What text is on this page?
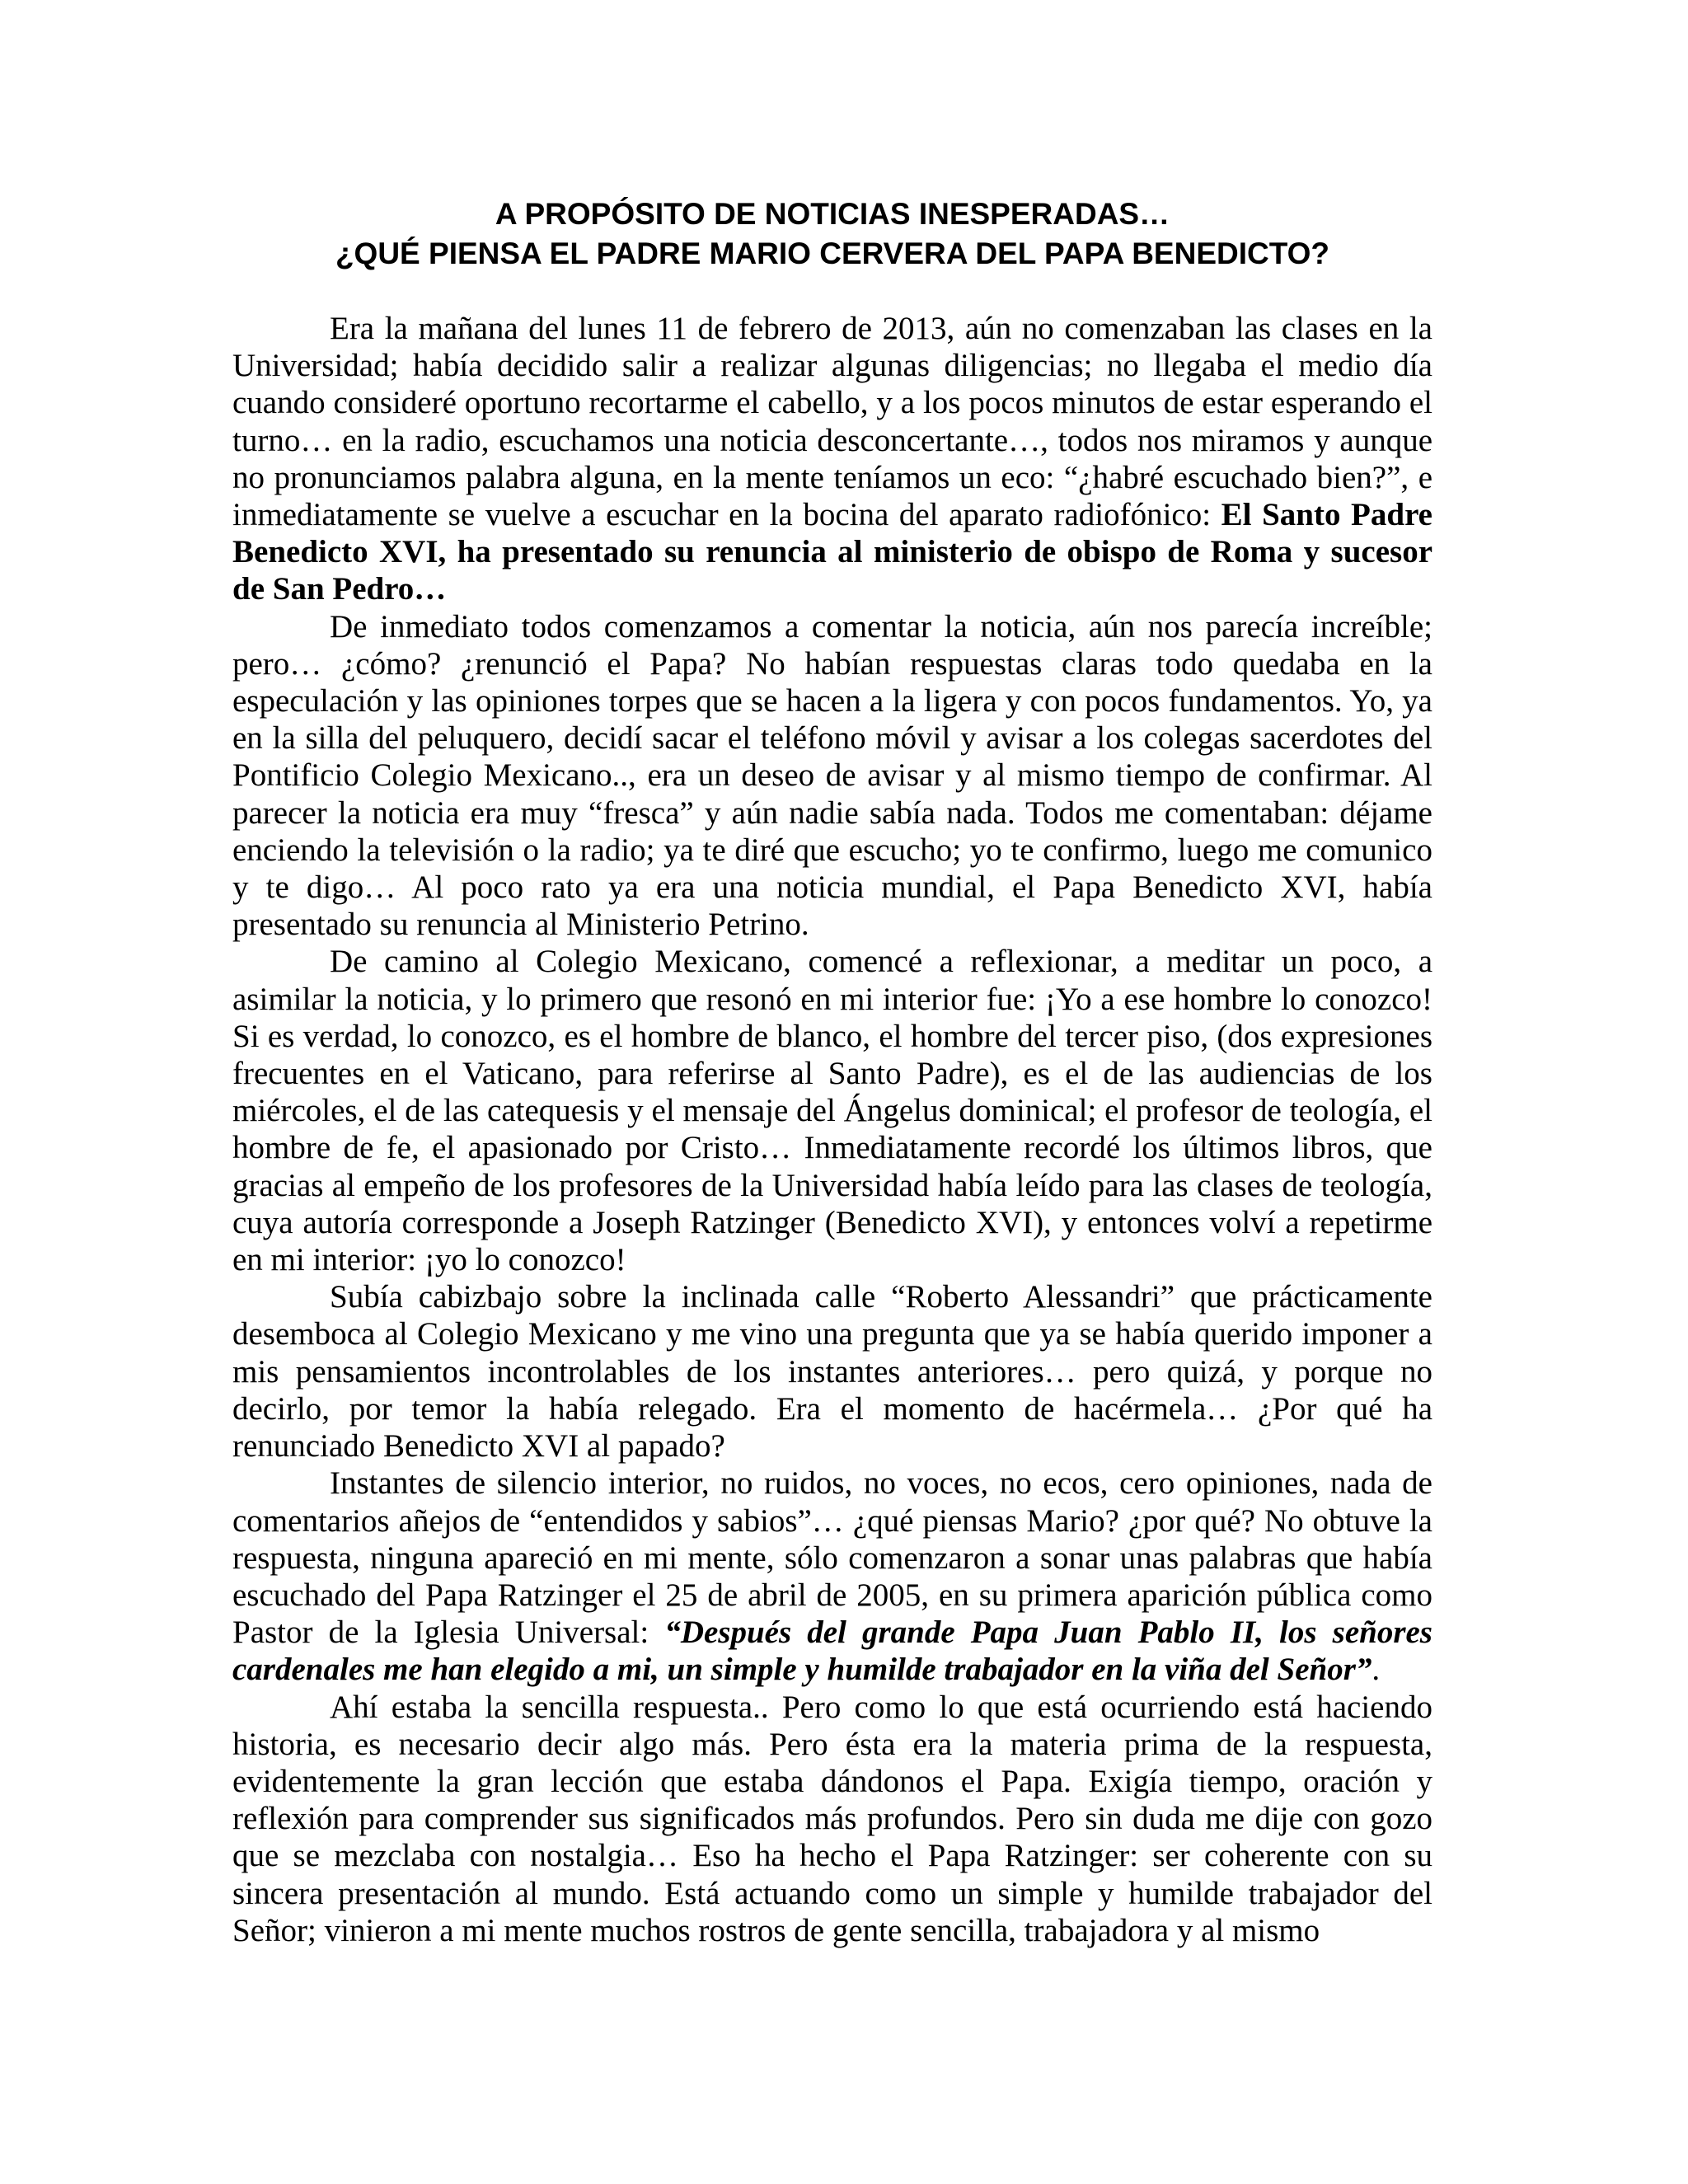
A PROPÓSITO DE NOTICIAS INESPERADAS…
¿QUÉ PIENSA EL PADRE MARIO CERVERA DEL PAPA BENEDICTO?

Era la mañana del lunes 11 de febrero de 2013, aún no comenzaban las clases en la Universidad; había decidido salir a realizar algunas diligencias; no llegaba el medio día cuando consideré oportuno recortarme el cabello, y a los pocos minutos de estar esperando el turno… en la radio, escuchamos una noticia desconcertante…, todos nos miramos y aunque no pronunciamos palabra alguna, en la mente teníamos un eco: “¿habré escuchado bien?”, e inmediatamente se vuelve a escuchar en la bocina del aparato radiofónico: El Santo Padre Benedicto XVI, ha presentado su renuncia al ministerio de obispo de Roma y sucesor de San Pedro…

De inmediato todos comenzamos a comentar la noticia, aún nos parecía increíble; pero… ¿cómo? ¿renunció el Papa? No habían respuestas claras todo quedaba en la especulación y las opiniones torpes que se hacen a la ligera y con pocos fundamentos. Yo, ya en la silla del peluquero, decidí sacar el teléfono móvil y avisar a los colegas sacerdotes del Pontificio Colegio Mexicano.., era un deseo de avisar y al mismo tiempo de confirmar. Al parecer la noticia era muy “fresca” y aún nadie sabía nada. Todos me comentaban: déjame enciendo la televisión o la radio; ya te diré que escucho; yo te confirmo, luego me comunico y te digo… Al poco rato ya era una noticia mundial, el Papa Benedicto XVI, había presentado su renuncia al Ministerio Petrino.

De camino al Colegio Mexicano, comencé a reflexionar, a meditar un poco, a asimilar la noticia, y lo primero que resonó en mi interior fue: ¡Yo a ese hombre lo conozco! Si es verdad, lo conozco, es el hombre de blanco, el hombre del tercer piso, (dos expresiones frecuentes en el Vaticano, para referirse al Santo Padre), es el de las audiencias de los miércoles, el de las catequesis y el mensaje del Ángelus dominical; el profesor de teología, el hombre de fe, el apasionado por Cristo… Inmediatamente recordé los últimos libros, que gracias al empeño de los profesores de la Universidad había leído para las clases de teología, cuya autoría corresponde a Joseph Ratzinger (Benedicto XVI), y entonces volví a repetirme en mi interior: ¡yo lo conozco!

Subía cabizbajo sobre la inclinada calle “Roberto Alessandri” que prácticamente desemboca al Colegio Mexicano y me vino una pregunta que ya se había querido imponer a mis pensamientos incontrolables de los instantes anteriores… pero quizá, y porque no decirlo, por temor la había relegado. Era el momento de hacérmela… ¿Por qué ha renunciado Benedicto XVI al papado?

Instantes de silencio interior, no ruidos, no voces, no ecos, cero opiniones, nada de comentarios añejos de “entendidos y sabios”… ¿qué piensas Mario? ¿por qué? No obtuve la respuesta, ninguna apareció en mi mente, sólo comenzaron a sonar unas palabras que había escuchado del Papa Ratzinger el 25 de abril de 2005, en su primera aparición pública como Pastor de la Iglesia Universal: “Después del grande Papa Juan Pablo II, los señores cardenales me han elegido a mi, un simple y humilde trabajador en la viña del Señor”.

Ahí estaba la sencilla respuesta.. Pero como lo que está ocurriendo está haciendo historia, es necesario decir algo más. Pero ésta era la materia prima de la respuesta, evidentemente la gran lección que estaba dándonos el Papa. Exigía tiempo, oración y reflexión para comprender sus significados más profundos. Pero sin duda me dije con gozo que se mezclaba con nostalgia… Eso ha hecho el Papa Ratzinger: ser coherente con su sincera presentación al mundo. Está actuando como un simple y humilde trabajador del Señor; vinieron a mi mente muchos rostros de gente sencilla, trabajadora y al mismo
